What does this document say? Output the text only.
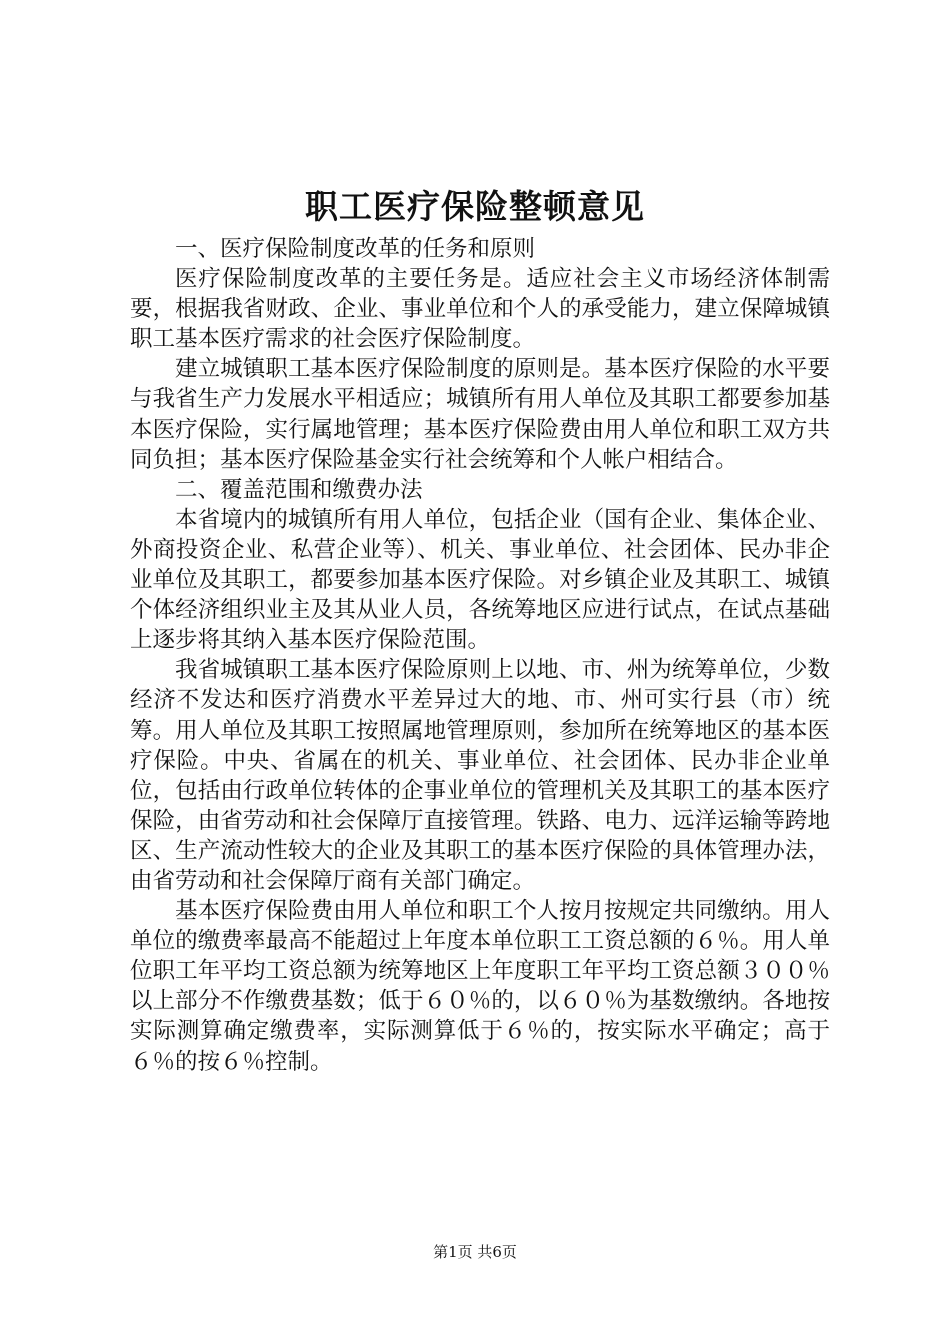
职工医疗保险整顿意见
一、医疗保险制度改革的任务和原则

医疗保险制度改革的主要任务是。适应社会主义市场经济体制需要，根据我省财政、企业、事业单位和个人的承受能力，建立保障城镇职工基本医疗需求的社会医疗保险制度。

建立城镇职工基本医疗保险制度的原则是。基本医疗保险的水平要与我省生产力发展水平相适应；城镇所有用人单位及其职工都要参加基本医疗保险，实行属地管理；基本医疗保险费由用人单位和职工双方共同负担；基本医疗保险基金实行社会统筹和个人帐户相结合。

二、覆盖范围和缴费办法

本省境内的城镇所有用人单位，包括企业（国有企业、集体企业、外商投资企业、私营企业等）、机关、事业单位、社会团体、民办非企业单位及其职工，都要参加基本医疗保险。对乡镇企业及其职工、城镇个体经济组织业主及其从业人员，各统筹地区应进行试点，在试点基础上逐步将其纳入基本医疗保险范围。

我省城镇职工基本医疗保险原则上以地、市、州为统筹单位，少数经济不发达和医疗消费水平差异过大的地、市、州可实行县（市）统筹。用人单位及其职工按照属地管理原则，参加所在统筹地区的基本医疗保险。中央、省属在的机关、事业单位、社会团体、民办非企业单位，包括由行政单位转体的企事业单位的管理机关及其职工的基本医疗保险，由省劳动和社会保障厅直接管理。铁路、电力、远洋运输等跨地区、生产流动性较大的企业及其职工的基本医疗保险的具体管理办法，由省劳动和社会保障厅商有关部门确定。

基本医疗保险费由用人单位和职工个人按月按规定共同缴纳。用人单位的缴费率最高不能超过上年度本单位职工工资总额的６％。用人单位职工年平均工资总额为统筹地区上年度职工年平均工资总额３００％以上部分不作缴费基数；低于６０％的，以６０％为基数缴纳。各地按实际测算确定缴费率，实际测算低于６％的，按实际水平确定；高于６％的按６％控制。

第1页 共6页
